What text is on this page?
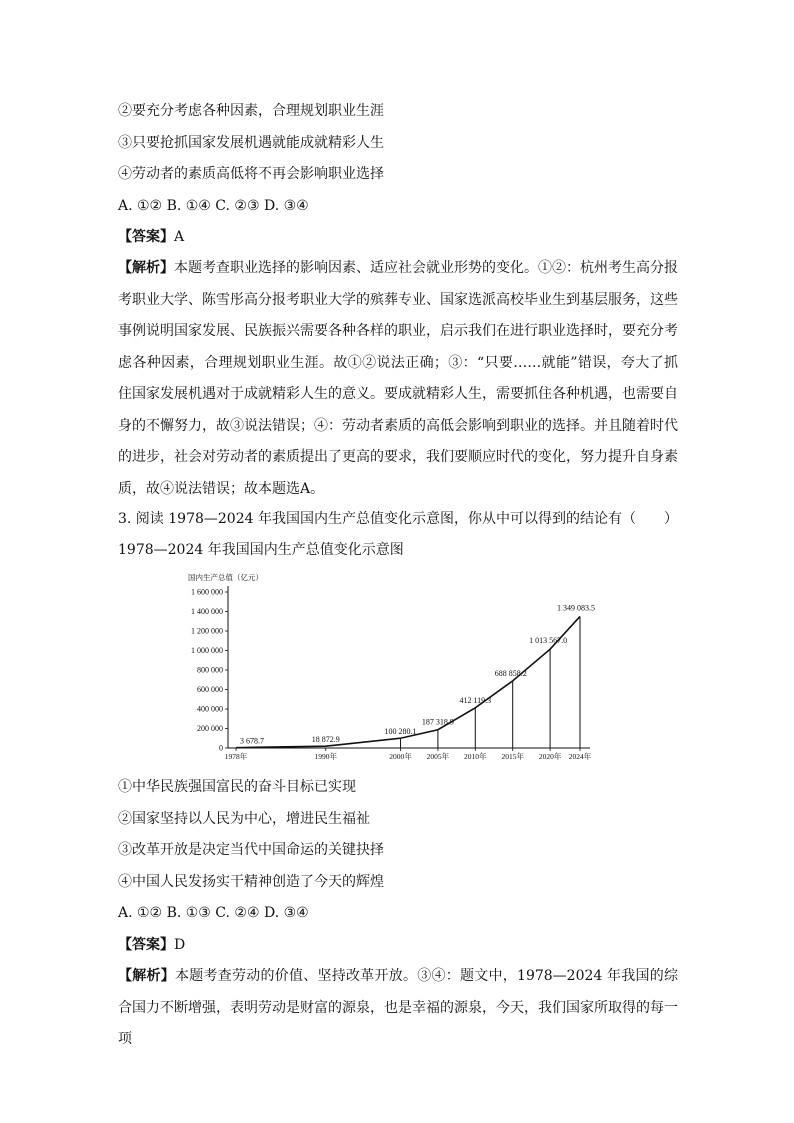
②要充分考虑各种因素，合理规划职业生涯
③只要抢抓国家发展机遇就能成就精彩人生
④劳动者的素质高低将不再会影响职业选择
A. ①② B. ①④ C. ②③ D. ③④
【答案】A
【解析】本题考查职业选择的影响因素、适应社会就业形势的变化。①②：杭州考生高分报考职业大学、陈雪彤高分报考职业大学的殡葬专业、国家选派高校毕业生到基层服务，这些事例说明国家发展、民族振兴需要各种各样的职业，启示我们在进行职业选择时，要充分考虑各种因素，合理规划职业生涯。故①②说法正确；③：“只要……就能”错误，夸大了抓住国家发展机遇对于成就精彩人生的意义。要成就精彩人生，需要抓住各种机遇，也需要自身的不懈努力，故③说法错误；④：劳动者素质的高低会影响到职业的选择。并且随着时代的进步，社会对劳动者的素质提出了更高的要求，我们要顺应时代的变化，努力提升自身素质，故④说法错误；故本题选A。
3. 阅读 1978—2024 年我国国内生产总值变化示意图，你从中可以得到的结论有（　　）
1978—2024 年我国国内生产总值变化示意图
0
200 000
400 000
600 000
800 000
1 000 000
1 200 000
1 400 000
1 600 000
1978年	1990年	2000年 2005年 2010年 2015年 2020年 2024年
3 678.7	18 872.9
100 280.1
187 318.9
412 119.3
688 858.2
1 013 567.0
1 349 083.5
国内生产总值（亿元）
①中华民族强国富民的奋斗目标已实现
②国家坚持以人民为中心，增进民生福祉
③改革开放是决定当代中国命运的关键抉择
④中国人民发扬实干精神创造了今天的辉煌
A. ①② B. ①③ C. ②④ D. ③④
【答案】D
【解析】本题考查劳动的价值、坚持改革开放。③④：题文中，1978—2024 年我国的综合国力不断增强，表明劳动是财富的源泉，也是幸福的源泉，今天，我们国家所取得的每一项
